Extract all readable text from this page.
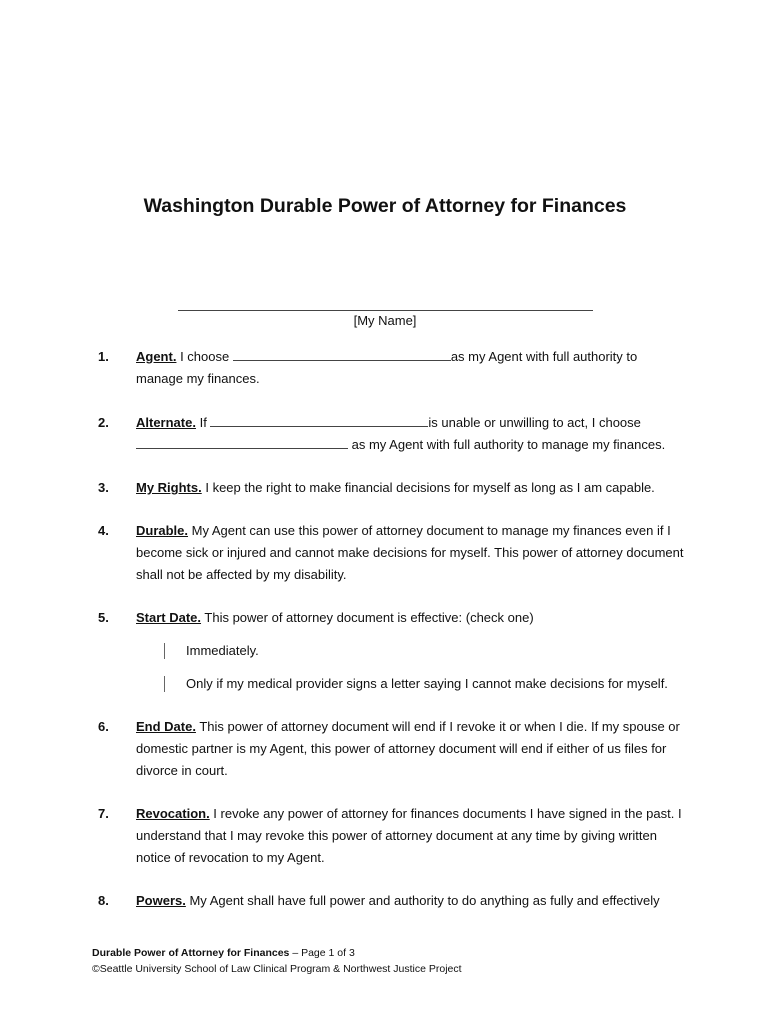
Washington Durable Power of Attorney for Finances
[My Name]
1. Agent. I choose	as my Agent with full authority to manage my finances.
2. Alternate. If	is unable or unwilling to act, I choose
as my Agent with full authority to manage my finances.
3. My Rights. I keep the right to make financial decisions for myself as long as I am capable.
4. Durable. My Agent can use this power of attorney document to manage my finances even if I become sick or injured and cannot make decisions for myself. This power of attorney document shall not be affected by my disability.
5. Start Date. This power of attorney document is effective: (check one)
Immediately.
Only if my medical provider signs a letter saying I cannot make decisions for myself.
6. End Date. This power of attorney document will end if I revoke it or when I die. If my spouse or domestic partner is my Agent, this power of attorney document will end if either of us files for divorce in court.
7. Revocation. I revoke any power of attorney for finances documents I have signed in the past. I understand that I may revoke this power of attorney document at any time by giving written notice of revocation to my Agent.
8. Powers. My Agent shall have full power and authority to do anything as fully and effectively
Durable Power of Attorney for Finances – Page 1 of 3
©Seattle University School of Law Clinical Program & Northwest Justice Project
